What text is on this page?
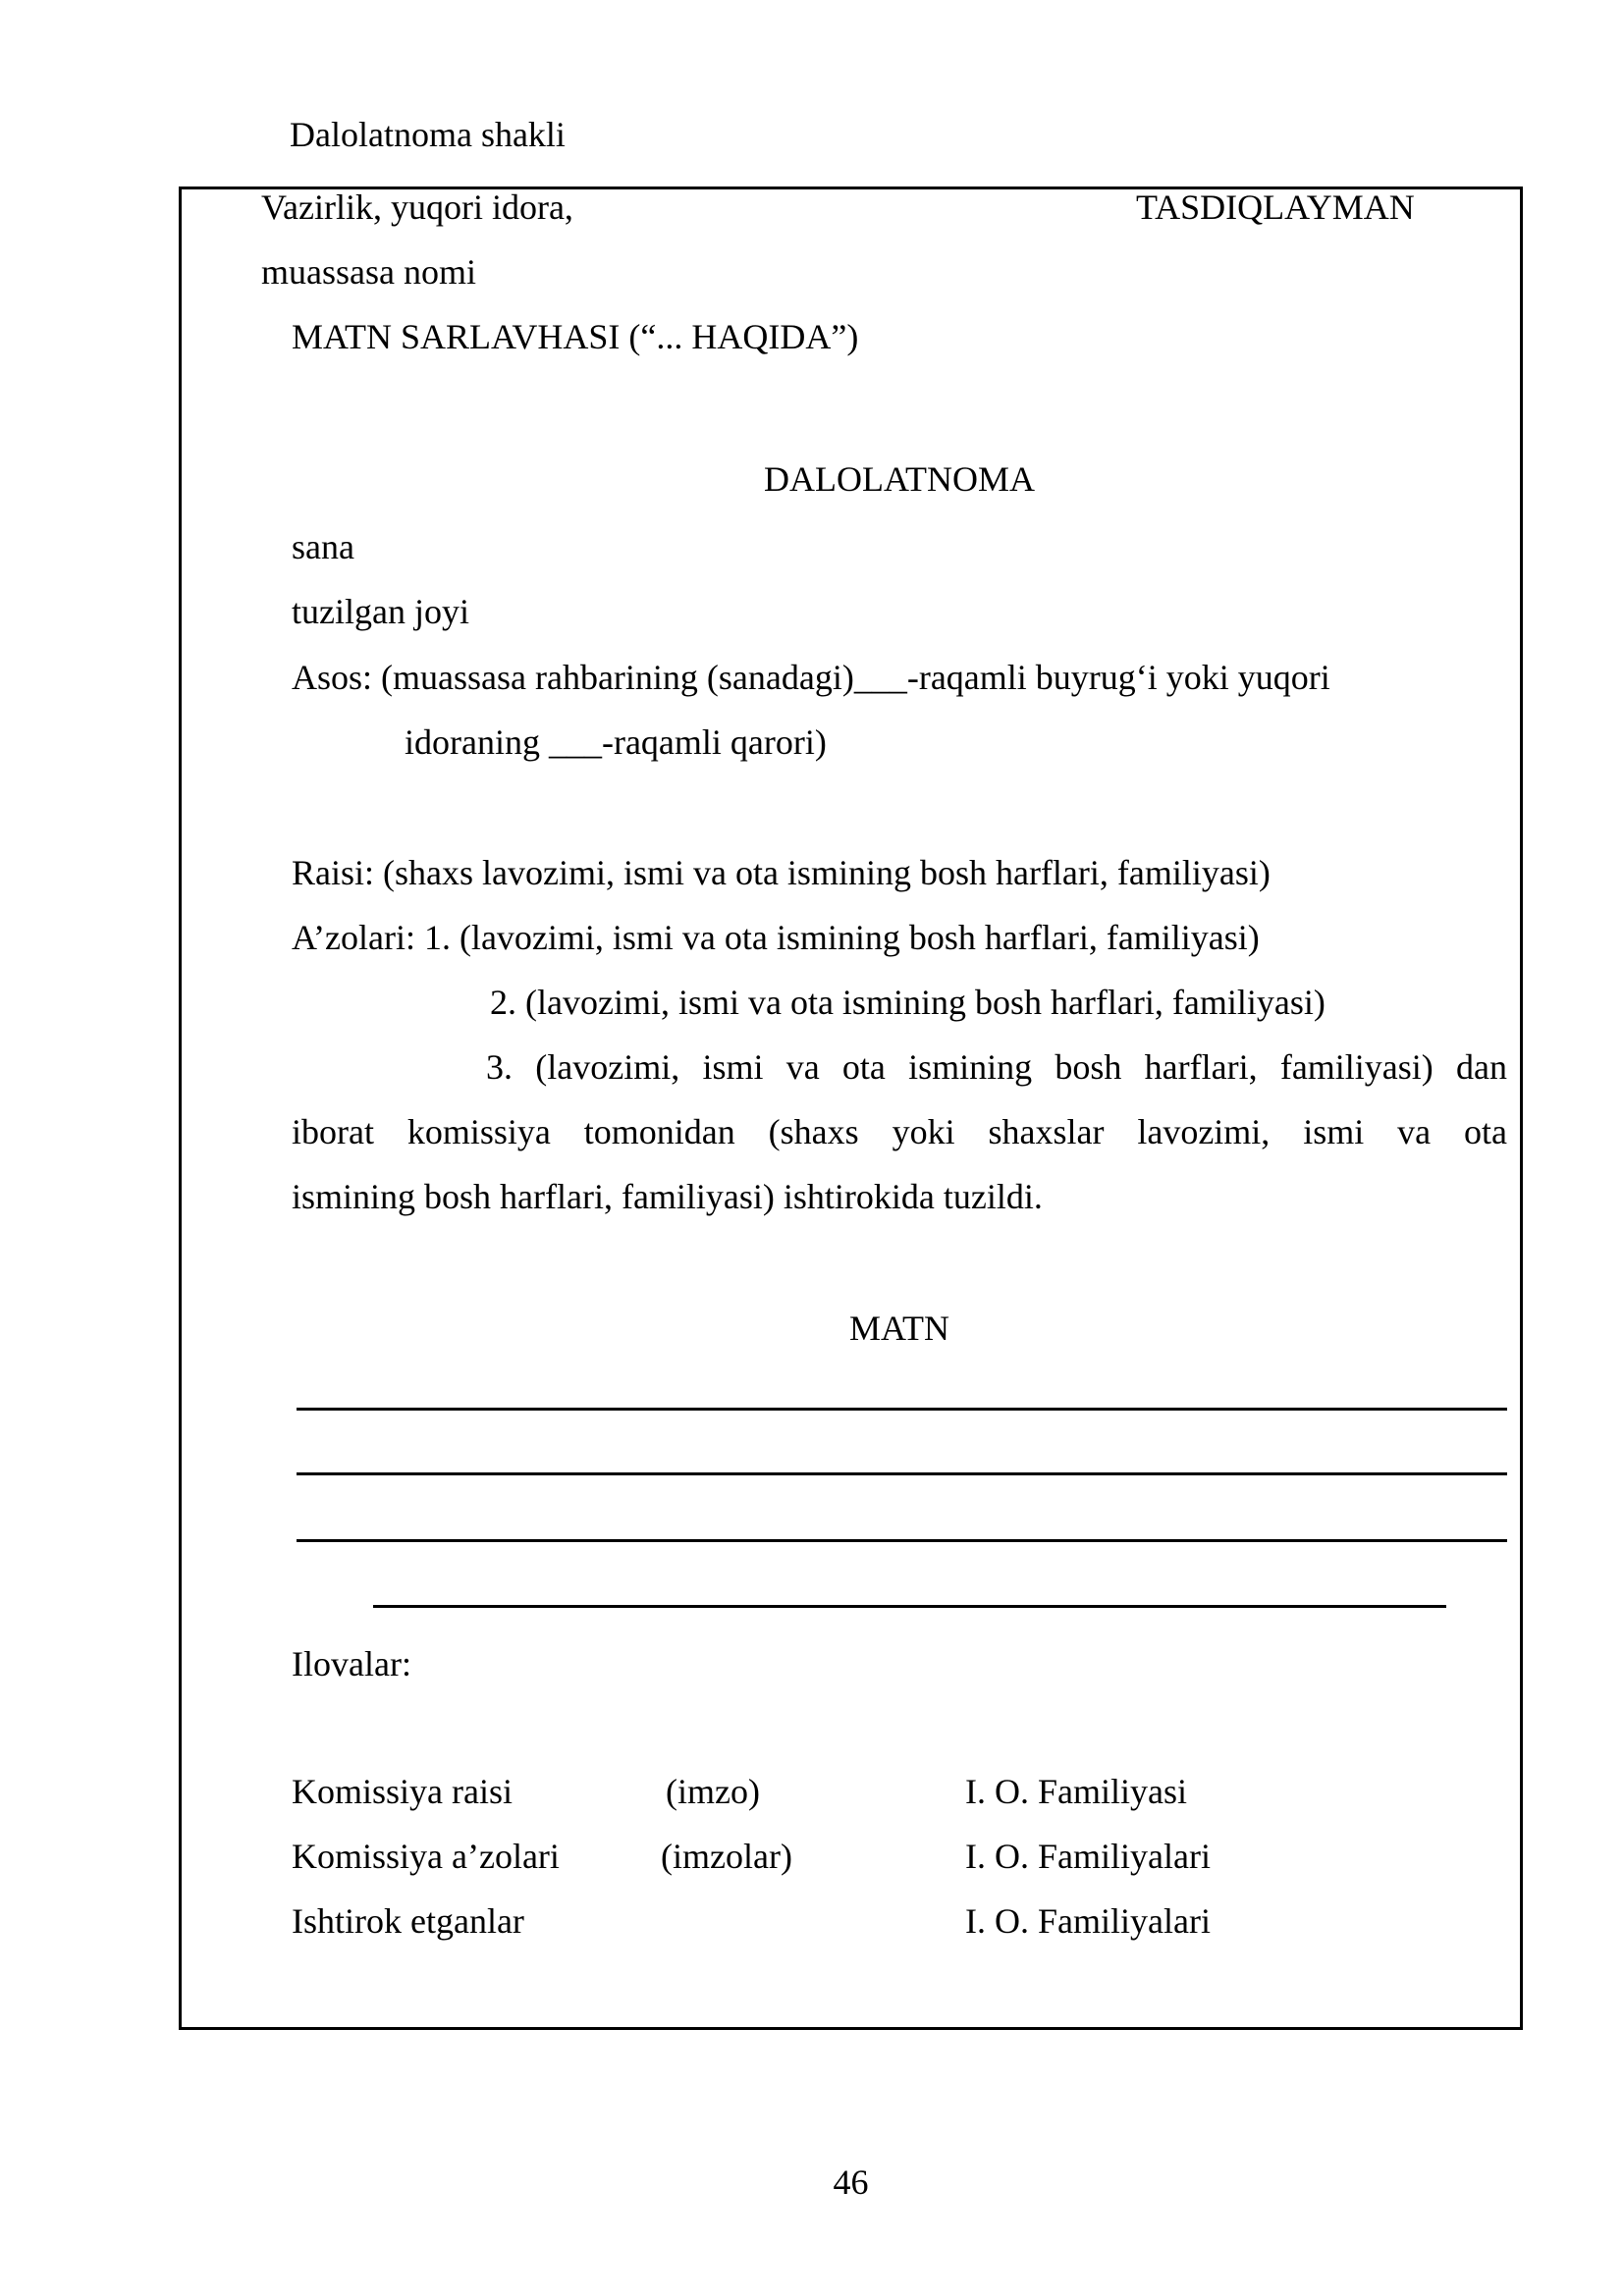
Dalolatnoma shakli
Vazirlik, yuqori idora,	TASDIQLAYMAN
muassasa nomi
MATN SARLAVHASI (“... HAQIDA”)
DALOLATNOMA
sana
tuzilgan joyi
Asos: (muassasa rahbarining (sanadagi)___-raqamli buyrug‘i yoki yuqori
idoraning ___-raqamli qarori)
Raisi: (shaxs lavozimi, ismi va ota ismining bosh harflari, familiyasi)
A’zolari: 1. (lavozimi, ismi va ota ismining bosh harflari, familiyasi)
2. (lavozimi, ismi va ota ismining bosh harflari, familiyasi)
3. (lavozimi, ismi va ota ismining bosh harflari, familiyasi) dan
iborat komissiya tomonidan (shaxs yoki shaxslar lavozimi, ismi va ota
ismining bosh harflari, familiyasi) ishtirokida tuzildi.
MATN
Ilovalar:
Komissiya raisi	(imzo)	I. O. Familiyasi
Komissiya a’zolari	(imzolar)	I. O. Familiyalari
Ishtirok etganlar	I. O. Familiyalari
46
